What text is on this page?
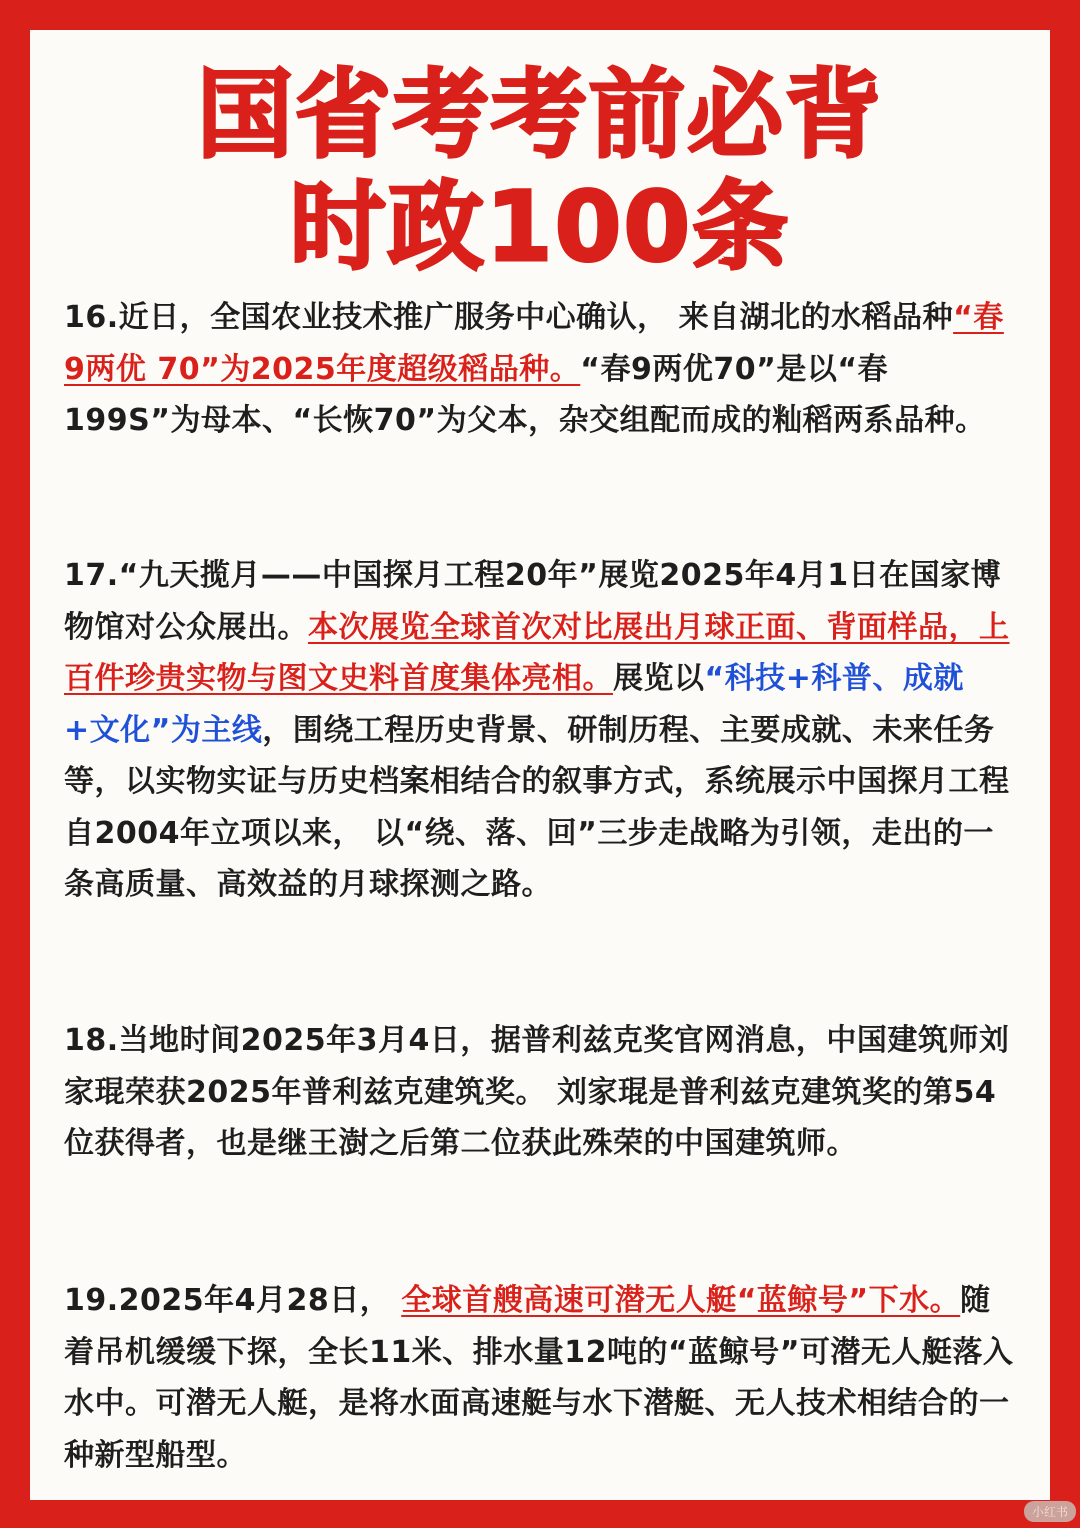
国省考考前必背
时政100条

16.近日，全国农业技术推广服务中心确认， 来自湖北的水稻品种“春9两优 70”为2025年度超级稻品种。“春9两优70”是以“春199S”为母本、“长恢70”为父本，杂交组配而成的籼稻两系品种。

17.“九天揽月——中国探月工程20年”展览2025年4月1日在国家博物馆对公众展出。本次展览全球首次对比展出月球正面、背面样品，上百件珍贵实物与图文史料首度集体亮相。展览以“科技+科普、成就+文化”为主线，围绕工程历史背景、研制历程、主要成就、未来任务等，以实物实证与历史档案相结合的叙事方式，系统展示中国探月工程自2004年立项以来， 以“绕、落、回”三步走战略为引领，走出的一条高质量、高效益的月球探测之路。

18.当地时间2025年3月4日，据普利兹克奖官网消息，中国建筑师刘家琨荣获2025年普利兹克建筑奖。 刘家琨是普利兹克建筑奖的第54位获得者，也是继王澍之后第二位获此殊荣的中国建筑师。

19.2025年4月28日， 全球首艘高速可潜无人艇“蓝鲸号”下水。随着吊机缓缓下探，全长11米、排水量12吨的“蓝鲸号”可潜无人艇落入水中。可潜无人艇，是将水面高速艇与水下潜艇、无人技术相结合的一种新型船型。

小红书
